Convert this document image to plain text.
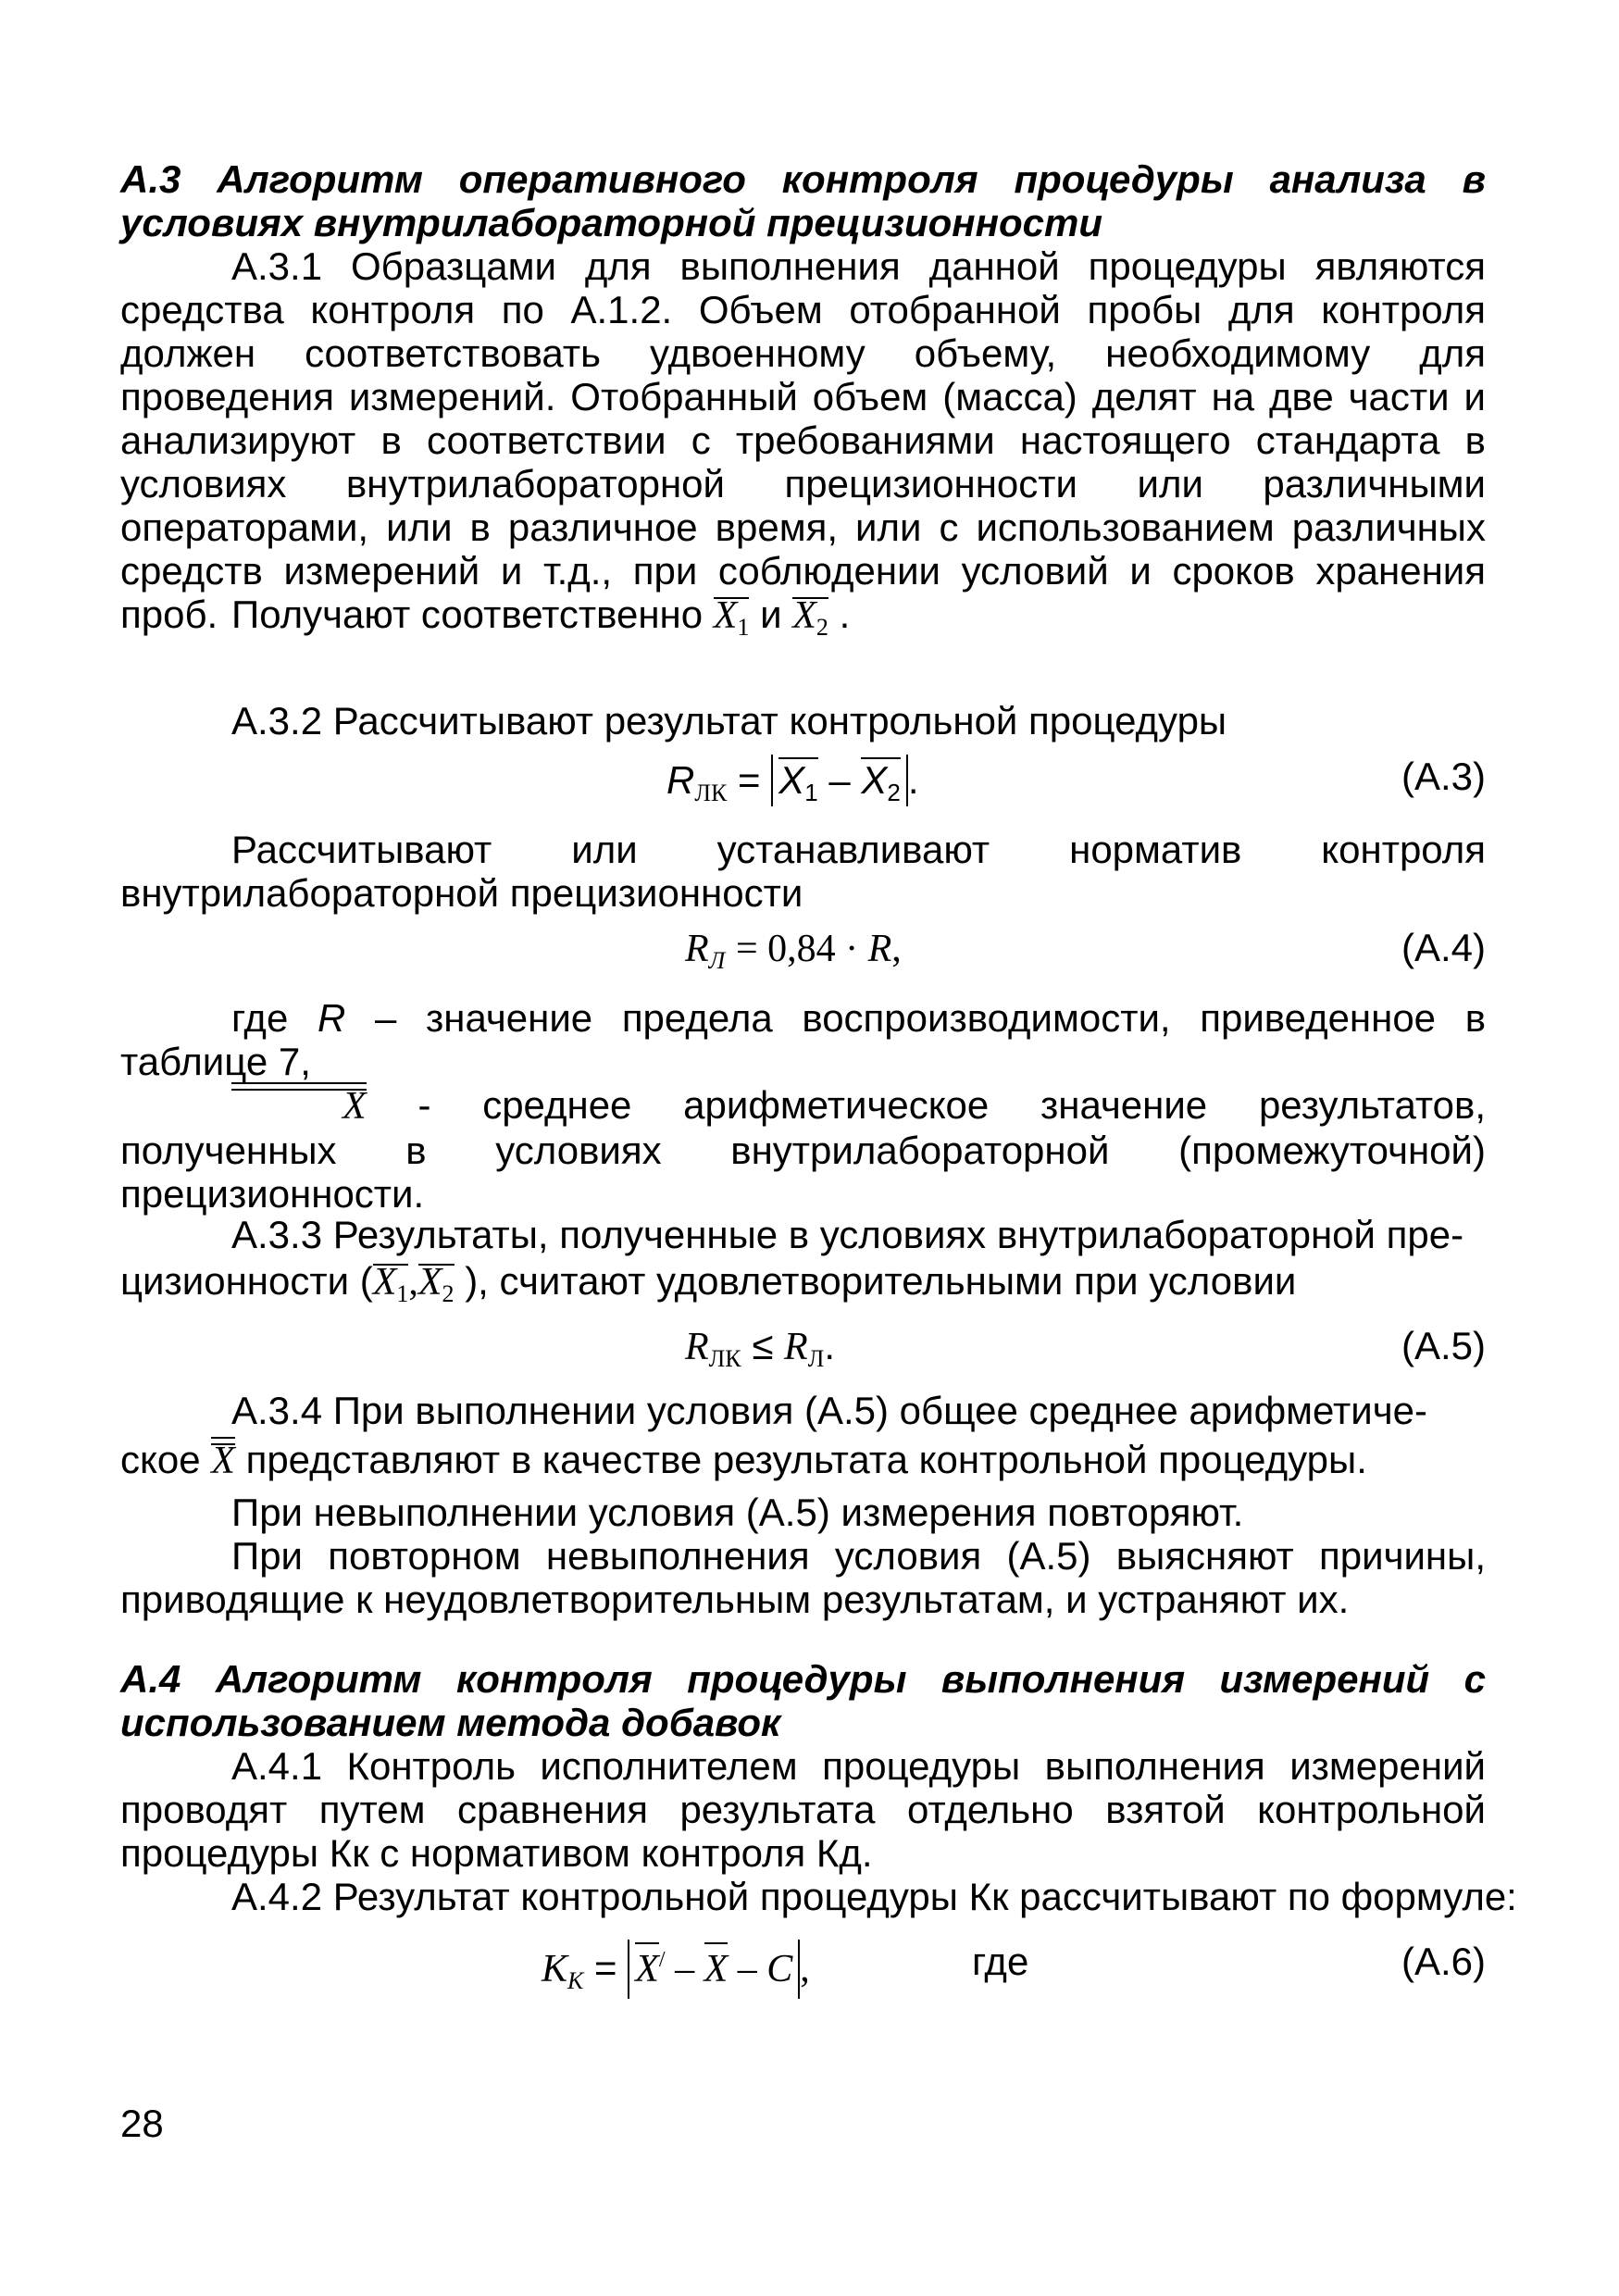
А.3 Алгоритм оперативного контроля процедуры анализа в условиях внутрилабораторной прецизионности

А.3.1 Образцами для выполнения данной процедуры являются средства контроля по А.1.2. Объем отобранной пробы для контроля должен соответствовать удвоенному объему, необходимому для проведения измерений. Отобранный объем (масса) делят на две части и анализируют в соответствии с требованиями настоящего стандарта в условиях внутрилабораторной прецизионности или различными операторами, или в различное время, или с использованием различных средств измерений и т.д., при соблюдении условий и сроков хранения проб. Получают соответственно $X_1$ и $X_2$ .

А.3.2 Рассчитывают результат контрольной процедуры

$R_{ЛК} = X_1 - X_2$ .	(А.3)

Рассчитывают или устанавливают норматив контроля внутрилабораторной прецизионности

$R_Л = 0,84 \cdot R$,	(А.4)

где R – значение предела воспроизводимости, приведенное в таблице 7,

X - среднее арифметическое значение результатов, полученных в условиях внутрилабораторной (промежуточной) прецизионности.

А.3.3 Результаты, полученные в условиях внутрилабораторной пре-

цизионности ($X_1,X_2$ ), считают удовлетворительными при условии
$R_{ЛК} \le R_Л$.	(А.5)

А.3.4 При выполнении условия (А.5) общее среднее арифметиче-

ское X представляют в качестве результата контрольной процедуры.

При невыполнении условия (А.5) измерения повторяют.

При повторном невыполнения условия (А.5) выясняют причины, приводящие к неудовлетворительным результатам, и устраняют их.

А.4 Алгоритм контроля процедуры выполнения измерений с использованием метода добавок

А.4.1 Контроль исполнителем процедуры выполнения измерений проводят путем сравнения результата отдельно взятой контрольной процедуры Кк с нормативом контроля Кд.

А.4.2 Результат контрольной процедуры Кк рассчитывают по формуле:

$K_K = X^/ - X - C$ ,	где	(А.6)
28
